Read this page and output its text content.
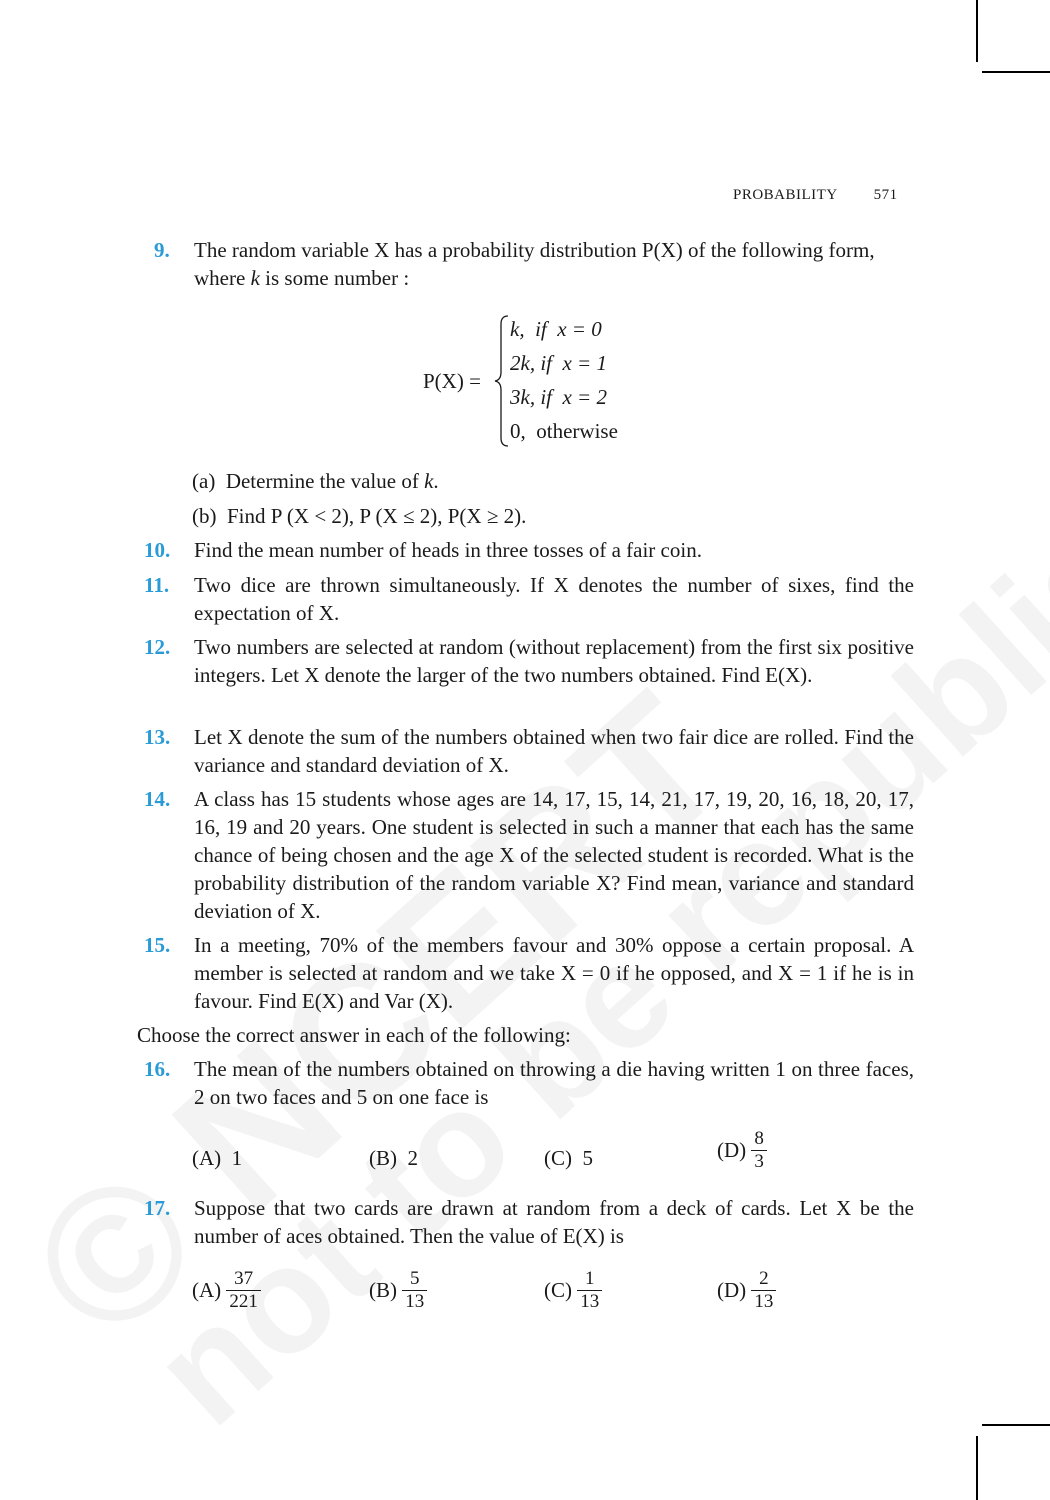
PROBABILITY 571
9. The random variable X has a probability distribution P(X) of the following form,
where k is some number :
P(X) =
k,  if  x = 0
2k, if  x = 1
3k, if  x = 2
0,  otherwise
(a) Determine the value of k.
(b) Find P (X < 2), P (X ≤ 2), P(X ≥ 2).
10. Find the mean number of heads in three tosses of a fair coin.
11. Two dice are thrown simultaneously. If X denotes the number of sixes, find the expectation of X.
12. Two numbers are selected at random (without replacement) from the first six positive integers. Let X denote the larger of the two numbers obtained. Find E(X).
13. Let X denote the sum of the numbers obtained when two fair dice are rolled. Find the variance and standard deviation of X.
14. A class has 15 students whose ages are 14, 17, 15, 14, 21, 17, 19, 20, 16, 18, 20, 17, 16, 19 and 20 years. One student is selected in such a manner that each has the same chance of being chosen and the age X of the selected student is recorded. What is the probability distribution of the random variable X? Find mean, variance and standard deviation of X.
15. In a meeting, 70% of the members favour and 30% oppose a certain proposal. A member is selected at random and we take X = 0 if he opposed, and X = 1 if he is in favour. Find E(X) and Var (X).
Choose the correct answer in each of the following:
16. The mean of the numbers obtained on throwing a die having written 1 on three faces, 2 on two faces and 5 on one face is
(A) 1	(B) 2	(C) 5	$(D) \frac{8}{3}$
17. Suppose that two cards are drawn at random from a deck of cards. Let X be the number of aces obtained. Then the value of E(X) is
$(A) \frac{37}{221}$	$(B) \frac{5}{13}$	$(C) \frac{1}{13}$	$(D) \frac{2}{13}$
